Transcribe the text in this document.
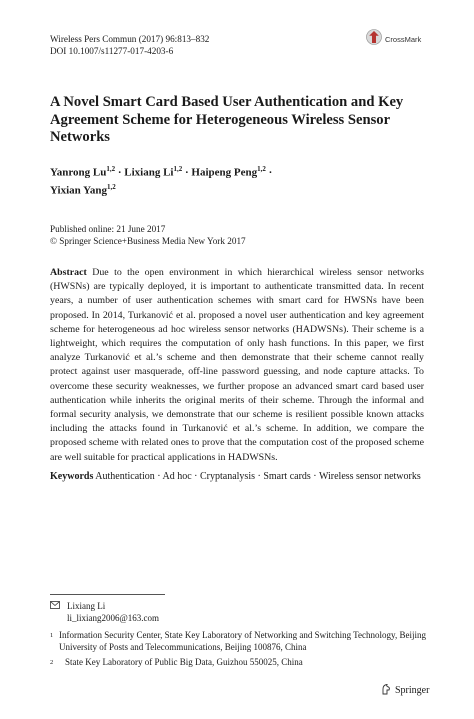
Wireless Pers Commun (2017) 96:813–832
DOI 10.1007/s11277-017-4203-6
CrossMark
A Novel Smart Card Based User Authentication and Key Agreement Scheme for Heterogeneous Wireless Sensor Networks
Yanrong Lu$^{1,2}$ · Lixiang Li$^{1,2}$ · Haipeng Peng$^{1,2}$ ·
Yixian Yang$^{1,2}$
Published online: 21 June 2017
© Springer Science+Business Media New York 2017
Abstract Due to the open environment in which hierarchical wireless sensor networks (HWSNs) are typically deployed, it is important to authenticate transmitted data. In recent years, a number of user authentication schemes with smart card for HWSNs have been proposed. In 2014, Turkanović et al. proposed a novel user authentication and key agreement scheme for heterogeneous ad hoc wireless sensor networks (HADWSNs). Their scheme is a lightweight, which requires the computation of only hash functions. In this paper, we first analyze Turkanović et al.’s scheme and then demonstrate that their scheme cannot really protect against user masquerade, off-line password guessing, and node capture attacks. To overcome these security weaknesses, we further propose an advanced smart card based user authentication while inherits the original merits of their scheme. Through the informal and formal security analysis, we demonstrate that our scheme is resilient possible known attacks including the attacks found in Turkanović et al.’s scheme. In addition, we compare the proposed scheme with related ones to prove that the computation cost of the proposed scheme are well suitable for practical applications in HADWSNs.
Keywords Authentication · Ad hoc · Cryptanalysis · Smart cards · Wireless sensor networks
Lixiang Li
li_lixiang2006@163.com
1 Information Security Center, State Key Laboratory of Networking and Switching Technology, Beijing University of Posts and Telecommunications, Beijing 100876, China
2	State Key Laboratory of Public Big Data, Guizhou 550025, China
Springer
